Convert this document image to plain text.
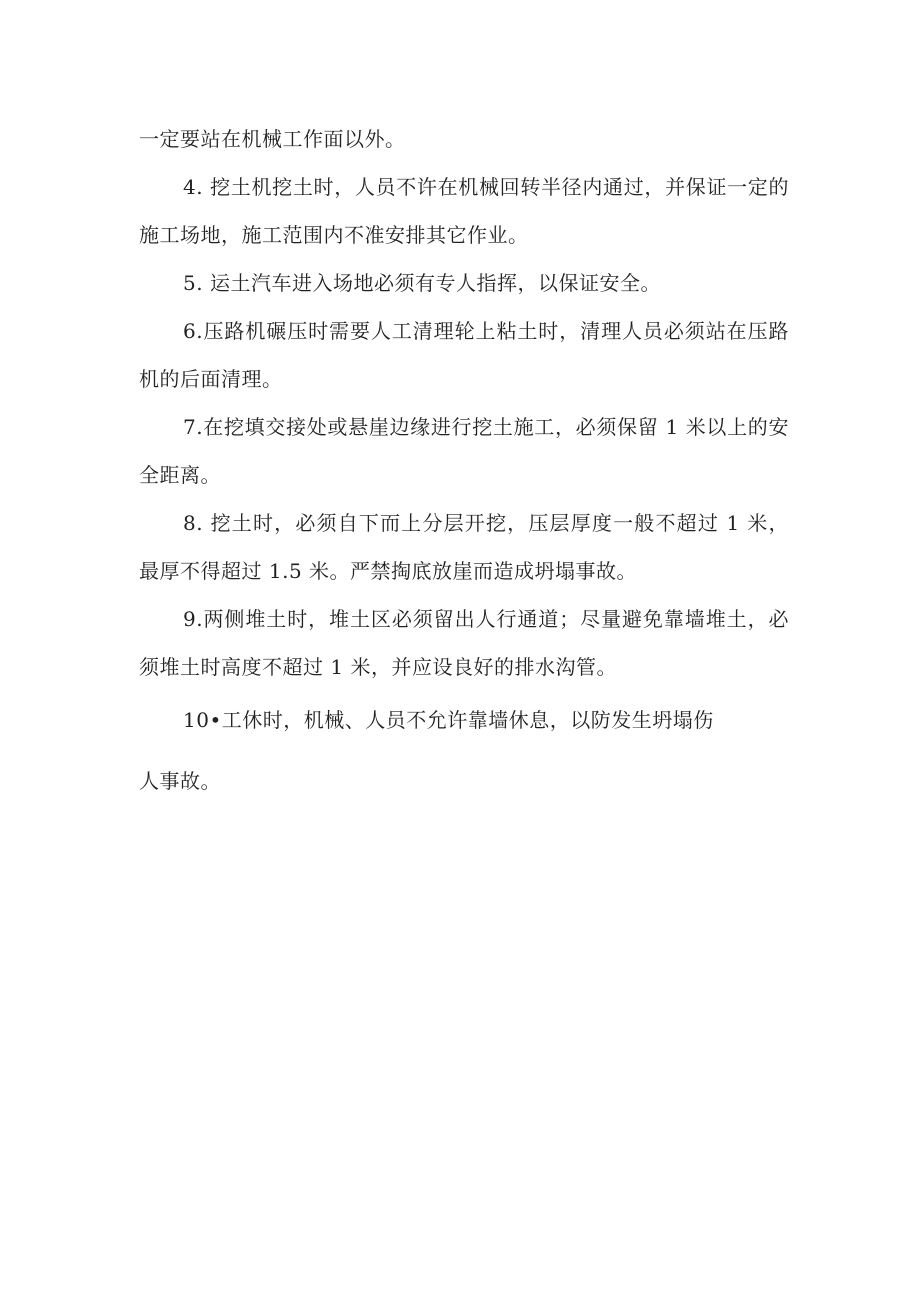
一定要站在机械工作面以外。

4. 挖土机挖土时，人员不许在机械回转半径内通过，并保证一定的施工场地，施工范围内不准安排其它作业。

5. 运土汽车进入场地必须有专人指挥，以保证安全。

6.压路机碾压时需要人工清理轮上粘土时，清理人员必须站在压路机的后面清理。

7.在挖填交接处或悬崖边缘进行挖土施工，必须保留 1 米以上的安全距离。

8. 挖土时，必须自下而上分层开挖，压层厚度一般不超过 1 米，最厚不得超过 1.5 米。严禁掏底放崖而造成坍塌事故。

9.两侧堆土时，堆土区必须留出人行通道；尽量避免靠墙堆土，必须堆土时高度不超过 1 米，并应设良好的排水沟管。

10•工休时，机械、人员不允许靠墙休息，以防发生坍塌伤

人事故。
